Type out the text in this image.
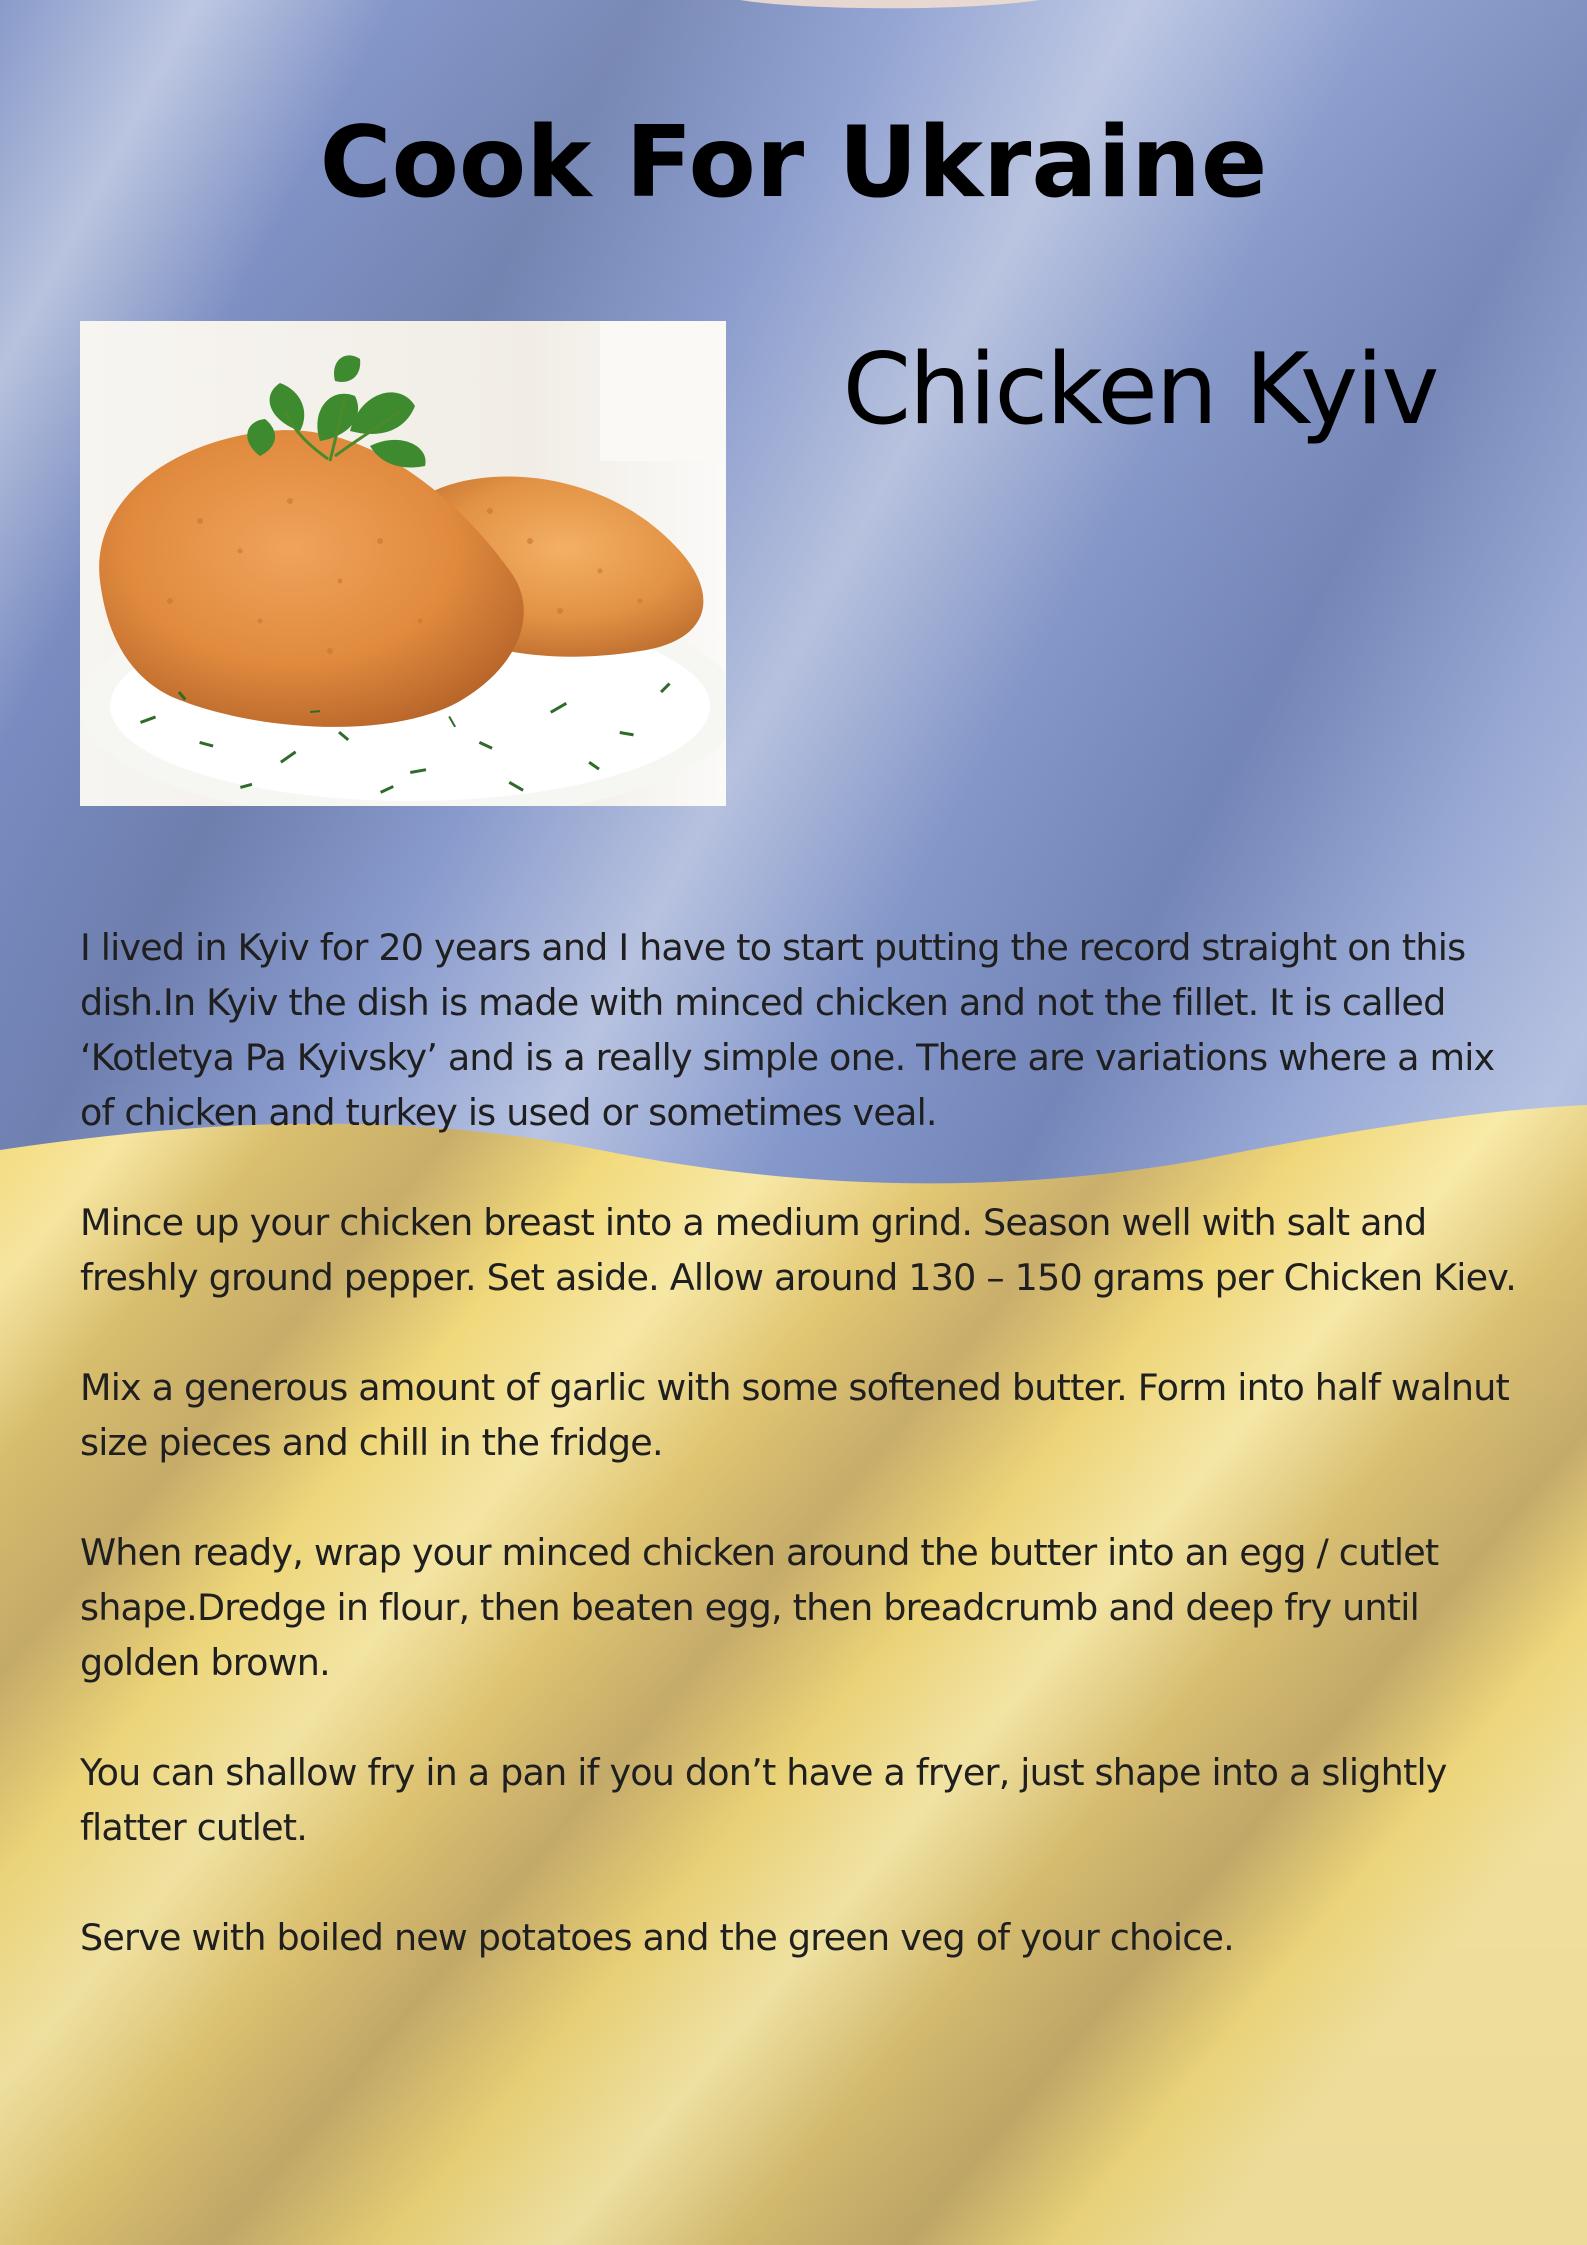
Cook For Ukraine
Chicken Kyiv

I lived in Kyiv for 20 years and I have to start putting the record straight on this dish.In Kyiv the dish is made with minced chicken and not the fillet. It is called ‘Kotletya Pa Kyivsky’ and is a really simple one. There are variations where a mix of chicken and turkey is used or sometimes veal.

Mince up your chicken breast into a medium grind. Season well with salt and freshly ground pepper. Set aside. Allow around 130 – 150 grams per Chicken Kiev.

Mix a generous amount of garlic with some softened butter. Form into half walnut size pieces and chill in the fridge.

When ready, wrap your minced chicken around the butter into an egg / cutlet shape.Dredge in flour, then beaten egg, then breadcrumb and deep fry until golden brown.

You can shallow fry in a pan if you don’t have a fryer, just shape into a slightly flatter cutlet.

Serve with boiled new potatoes and the green veg of your choice.
